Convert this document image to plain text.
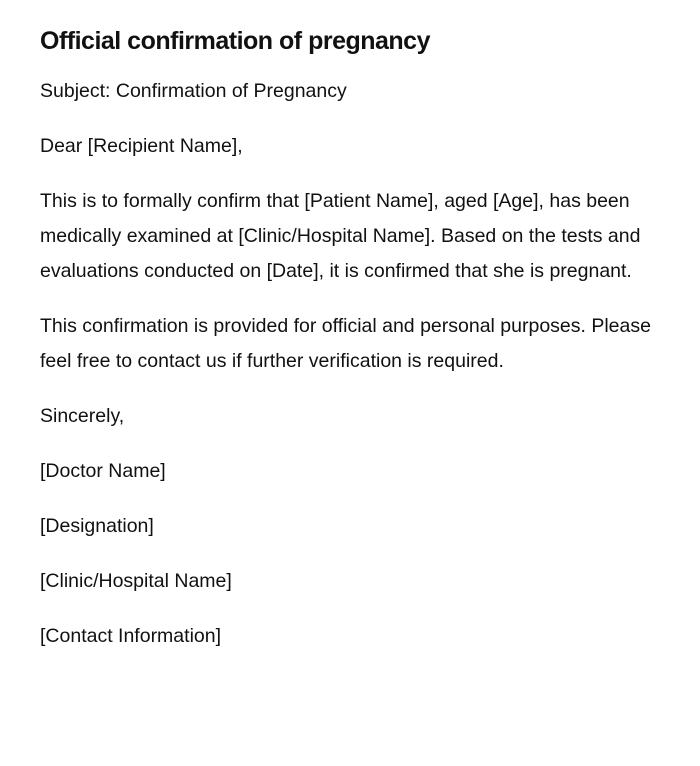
Official confirmation of pregnancy

Subject: Confirmation of Pregnancy

Dear [Recipient Name],

This is to formally confirm that [Patient Name], aged [Age], has been medically examined at [Clinic/Hospital Name]. Based on the tests and evaluations conducted on [Date], it is confirmed that she is pregnant.

This confirmation is provided for official and personal purposes. Please feel free to contact us if further verification is required.

Sincerely,

[Doctor Name]

[Designation]

[Clinic/Hospital Name]

[Contact Information]
